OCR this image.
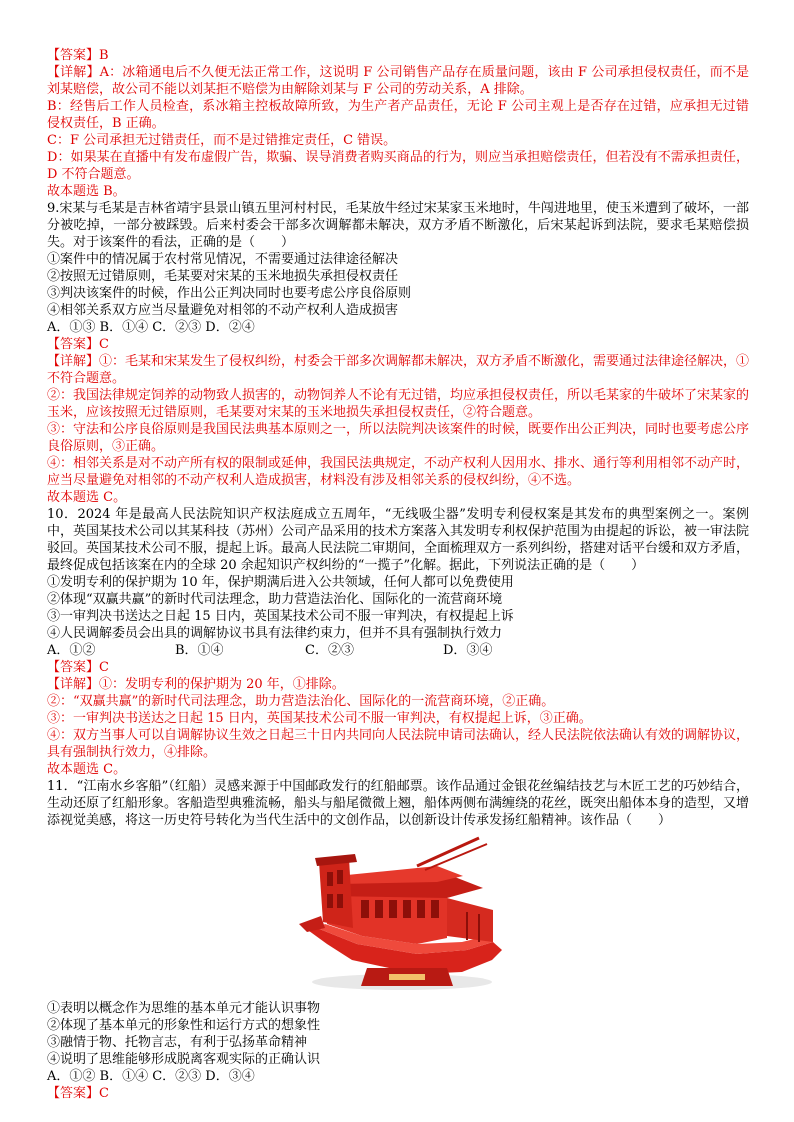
【答案】B

【详解】A：冰箱通电后不久便无法正常工作，这说明 F 公司销售产品存在质量问题，该由 F 公司承担侵权责任，而不是刘某赔偿，故公司不能以刘某拒不赔偿为由解除刘某与 F 公司的劳动关系，A 排除。

B：经售后工作人员检查，系冰箱主控板故障所致，为生产者产品责任，无论 F 公司主观上是否存在过错，应承担无过错侵权责任，B 正确。

C：F 公司承担无过错责任，而不是过错推定责任，C 错误。

D：如果某在直播中有发布虚假广告，欺骗、误导消费者购买商品的行为，则应当承担赔偿责任，但若没有不需承担责任，D 不符合题意。

故本题选 B。

9.宋某与毛某是吉林省靖宇县景山镇五里河村村民，毛某放牛经过宋某家玉米地时，牛闯进地里，使玉米遭到了破坏，一部分被吃掉，一部分被踩毁。后来村委会干部多次调解都未解决，双方矛盾不断激化，后宋某起诉到法院，要求毛某赔偿损失。对于该案件的看法，正确的是（　　）

①案件中的情况属于农村常见情况，不需要通过法律途径解决

②按照无过错原则，毛某要对宋某的玉米地损失承担侵权责任

③判决该案件的时候，作出公正判决同时也要考虑公序良俗原则

④相邻关系双方应当尽量避免对相邻的不动产权利人造成损害

A．①③ B．①④ C．②③ D．②④

【答案】C

【详解】①：毛某和宋某发生了侵权纠纷，村委会干部多次调解都未解决，双方矛盾不断激化，需要通过法律途径解决，①不符合题意。

②：我国法律规定饲养的动物致人损害的，动物饲养人不论有无过错，均应承担侵权责任，所以毛某家的牛破坏了宋某家的玉米，应该按照无过错原则，毛某要对宋某的玉米地损失承担侵权责任，②符合题意。

③：守法和公序良俗原则是我国民法典基本原则之一，所以法院判决该案件的时候，既要作出公正判决，同时也要考虑公序良俗原则，③正确。

④：相邻关系是对不动产所有权的限制或延伸，我国民法典规定，不动产权利人因用水、排水、通行等利用相邻不动产时，应当尽量避免对相邻的不动产权利人造成损害，材料没有涉及相邻关系的侵权纠纷，④不选。

故本题选 C。

10．2024 年是最高人民法院知识产权法庭成立五周年，“无线吸尘器”发明专利侵权案是其发布的典型案例之一。案例中，英国某技术公司以其某科技（苏州）公司产品采用的技术方案落入其发明专利权保护范围为由提起的诉讼，被一审法院驳回。英国某技术公司不服，提起上诉。最高人民法院二审期间，全面梳理双方一系列纠纷，搭建对话平台缓和双方矛盾，最终促成包括该案在内的全球 20 余起知识产权纠纷的“一揽子”化解。据此，下列说法正确的是（　　）

①发明专利的保护期为 10 年，保护期满后进入公共领域，任何人都可以免费使用

②体现“双赢共赢”的新时代司法理念，助力营造法治化、国际化的一流营商环境

③一审判决书送达之日起 15 日内，英国某技术公司不服一审判决，有权提起上诉

④人民调解委员会出具的调解协议书具有法律约束力，但并不具有强制执行效力

A．①②	B．①④	C．②③	D．③④

【答案】C

【详解】①：发明专利的保护期为 20 年，①排除。

②：“双赢共赢”的新时代司法理念，助力营造法治化、国际化的一流营商环境，②正确。

③：一审判决书送达之日起 15 日内，英国某技术公司不服一审判决，有权提起上诉，③正确。

④：双方当事人可以自调解协议生效之日起三十日内共同向人民法院申请司法确认，经人民法院依法确认有效的调解协议，具有强制执行效力，④排除。

故本题选 C。

11．“江南水乡客船”（红船）灵感来源于中国邮政发行的红船邮票。该作品通过金银花丝编结技艺与木匠工艺的巧妙结合，生动还原了红船形象。客船造型典雅流畅，船头与船尾微微上翘，船体两侧布满缠绕的花丝，既突出船体本身的造型，又增添视觉美感，将这一历史符号转化为当代生活中的文创作品，以创新设计传承发扬红船精神。该作品（　　）

①表明以概念作为思维的基本单元才能认识事物

②体现了基本单元的形象性和运行方式的想象性

③融情于物、托物言志，有利于弘扬革命精神

④说明了思维能够形成脱离客观实际的正确认识

A．①② B．①④ C．②③ D．③④

【答案】C
